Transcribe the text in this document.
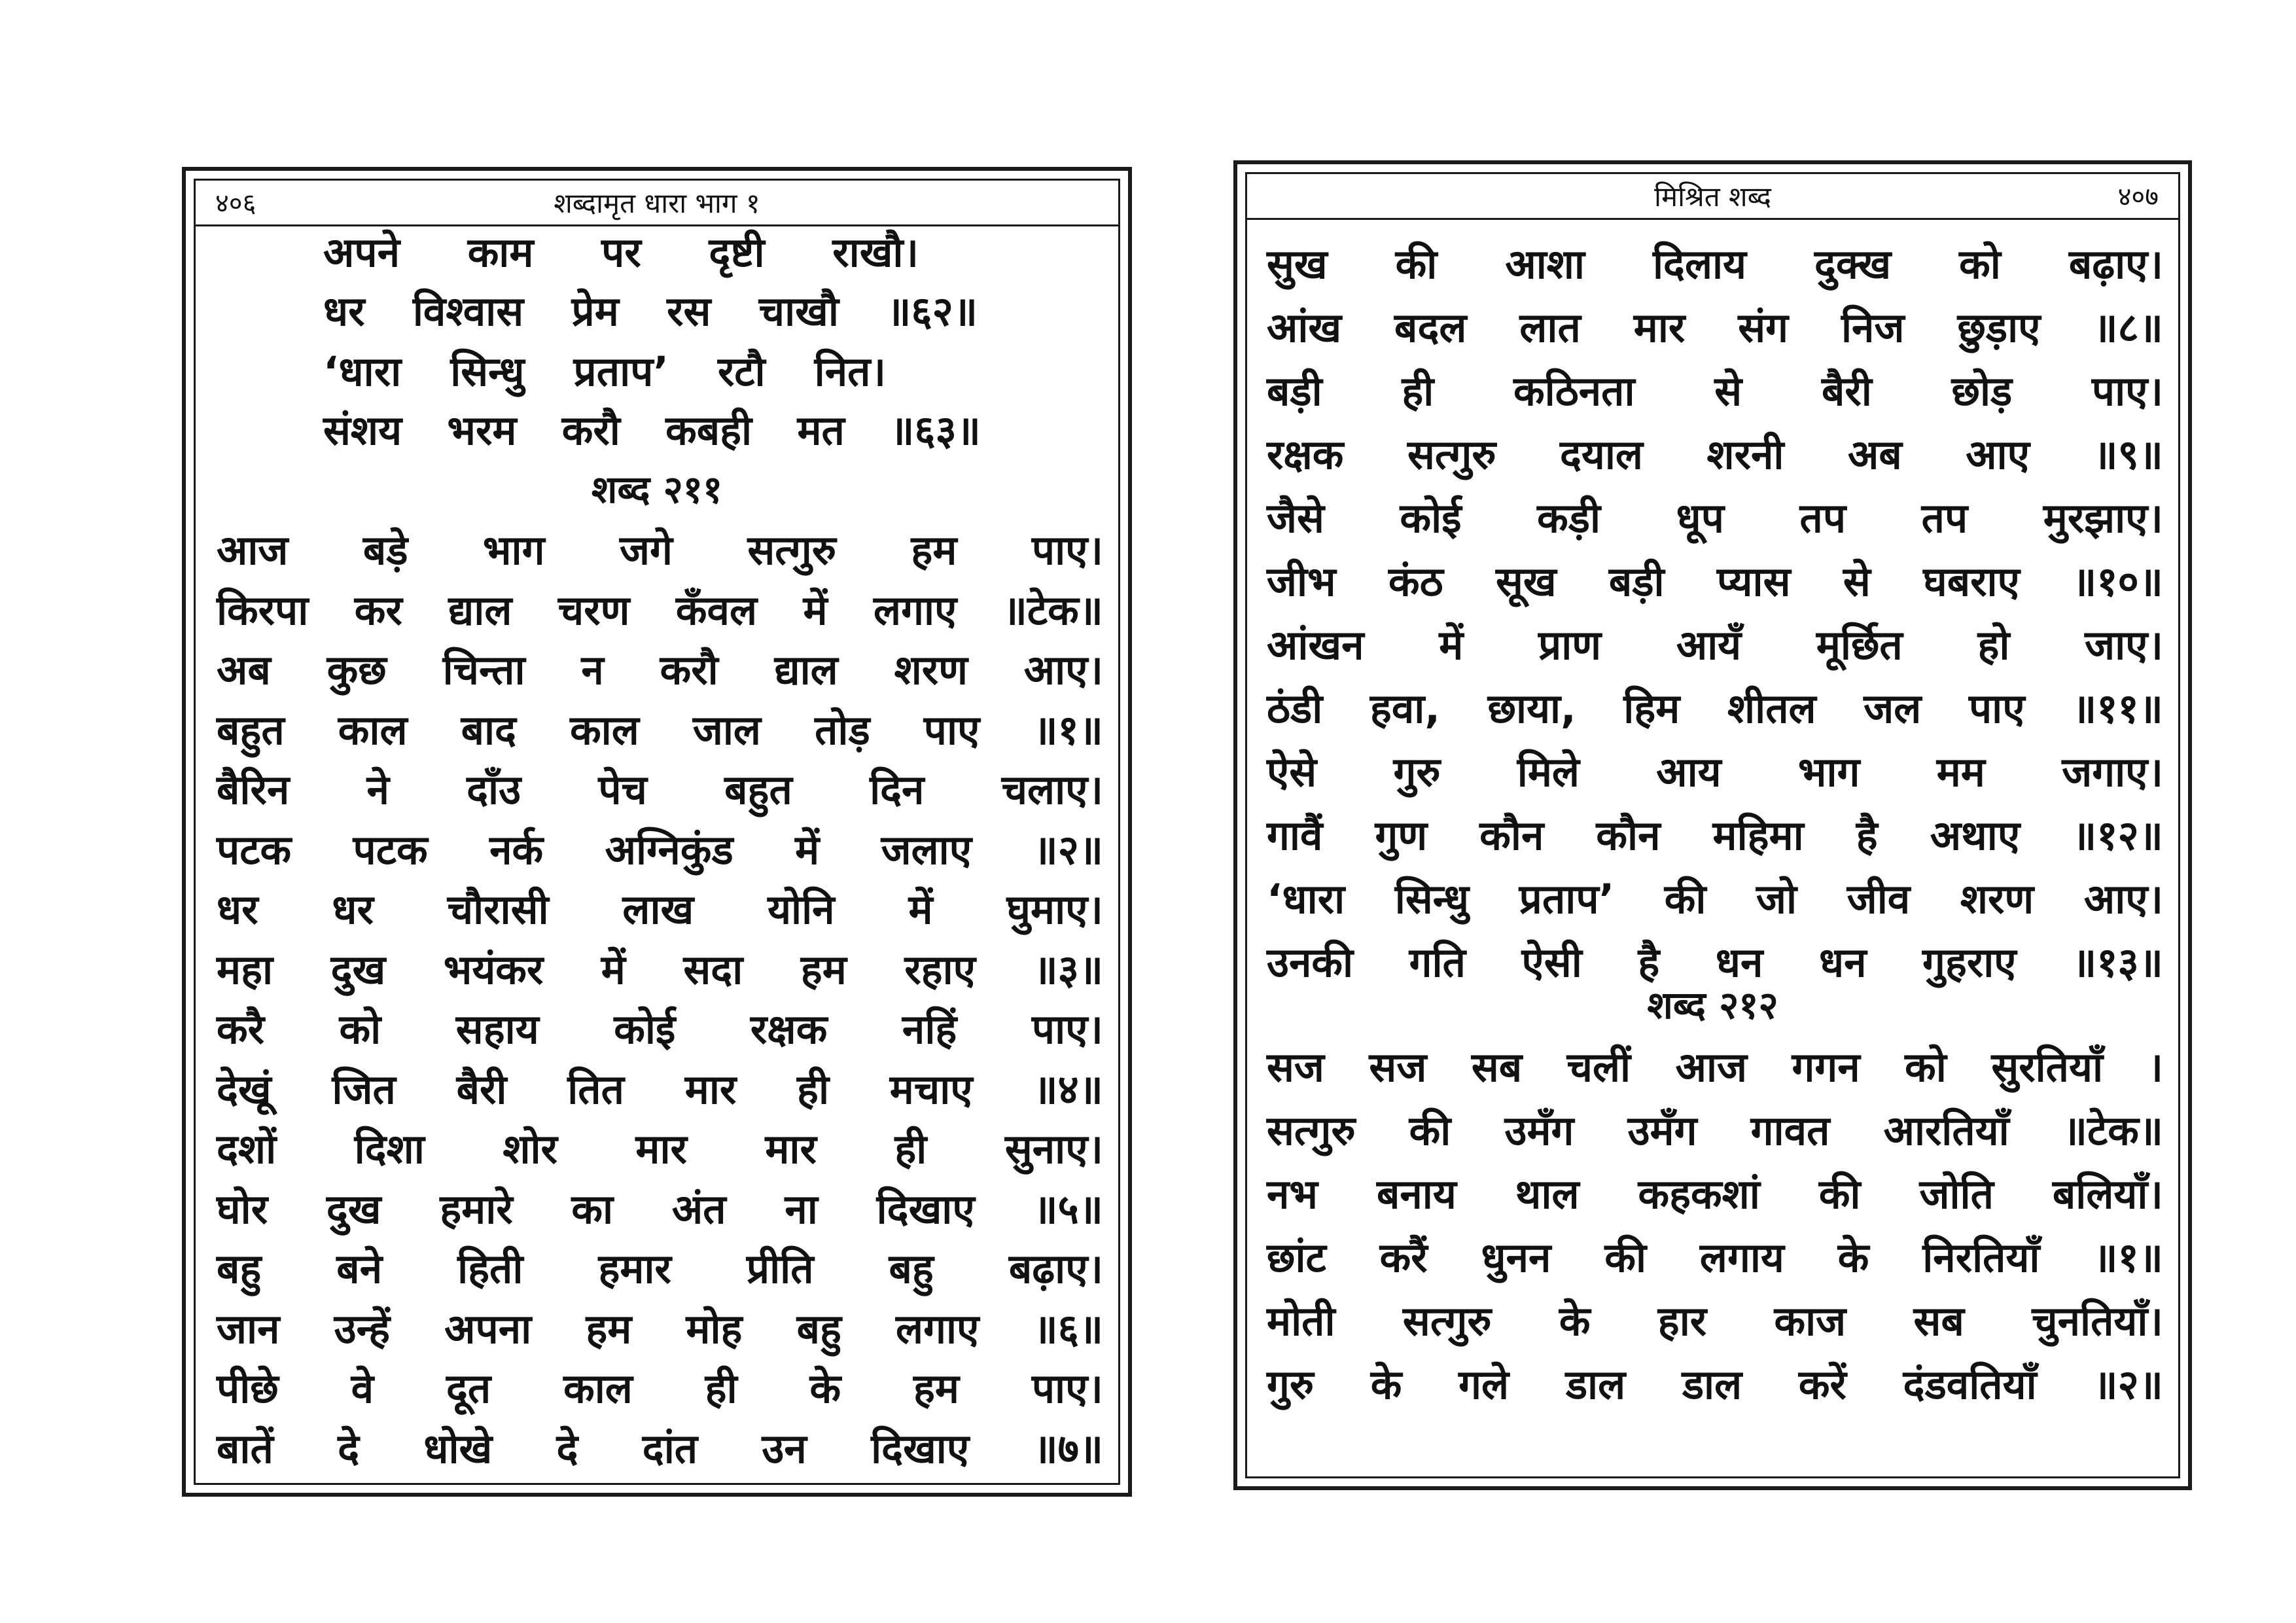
४०६	शब्दामृत धारा भाग १
अपने काम पर दृष्टी राखौ।
धर विश्वास प्रेम रस चाखौ ॥६२॥
‘धारा सिन्धु प्रताप’ रटौ नित।
संशय भरम करौ कबही मत ॥६३॥
शब्द २११
आज बड़े भाग जगे सत्गुरु हम पाए।
किरपा कर द्याल चरण कँवल में लगाए ॥टेक॥
अब कुछ चिन्ता न करौ द्याल शरण आए।
बहुत काल बाद काल जाल तोड़ पाए ॥१॥
बैरिन ने दाँउ पेच बहुत दिन चलाए।
पटक पटक नर्क अग्निकुंड में जलाए ॥२॥
धर धर चौरासी लाख योनि में घुमाए।
महा दुख भयंकर में सदा हम रहाए ॥३॥
करै को सहाय कोई रक्षक नहिं पाए।
देखूं जित बैरी तित मार ही मचाए ॥४॥
दशों दिशा शोर मार मार ही सुनाए।
घोर दुख हमारे का अंत ना दिखाए ॥५॥
बहु बने हिती हमार प्रीति बहु बढ़ाए।
जान उन्हें अपना हम मोह बहु लगाए ॥६॥
पीछे वे दूत काल ही के हम पाए।
बातें दे धोखे दे दांत उन दिखाए ॥७॥
मिश्रित शब्द	४०७
सुख की आशा दिलाय दुक्ख को बढ़ाए।
आंख बदल लात मार संग निज छुड़ाए ॥८॥
बड़ी ही कठिनता से बैरी छोड़ पाए।
रक्षक सत्गुरु दयाल शरनी अब आए ॥९॥
जैसे कोई कड़ी धूप तप तप मुरझाए।
जीभ कंठ सूख बड़ी प्यास से घबराए ॥१०॥
आंखन में प्राण आयँ मूर्छित हो जाए।
ठंडी हवा, छाया, हिम शीतल जल पाए ॥११॥
ऐसे गुरु मिले आय भाग मम जगाए।
गावैं गुण कौन कौन महिमा है अथाए ॥१२॥
‘धारा सिन्धु प्रताप’ की जो जीव शरण आए।
उनकी गति ऐसी है धन धन गुहराए ॥१३॥
शब्द २१२
सज सज सब चलीं आज गगन को सुरतियाँ ।
सत्गुरु की उमँग उमँग गावत आरतियाँ ॥टेक॥
नभ बनाय थाल कहकशां की जोति बलियाँ।
छांट करैं धुनन की लगाय के निरतियाँ ॥१॥
मोती सत्गुरु के हार काज सब चुनतियाँ।
गुरु के गले डाल डाल करें दंडवतियाँ ॥२॥
